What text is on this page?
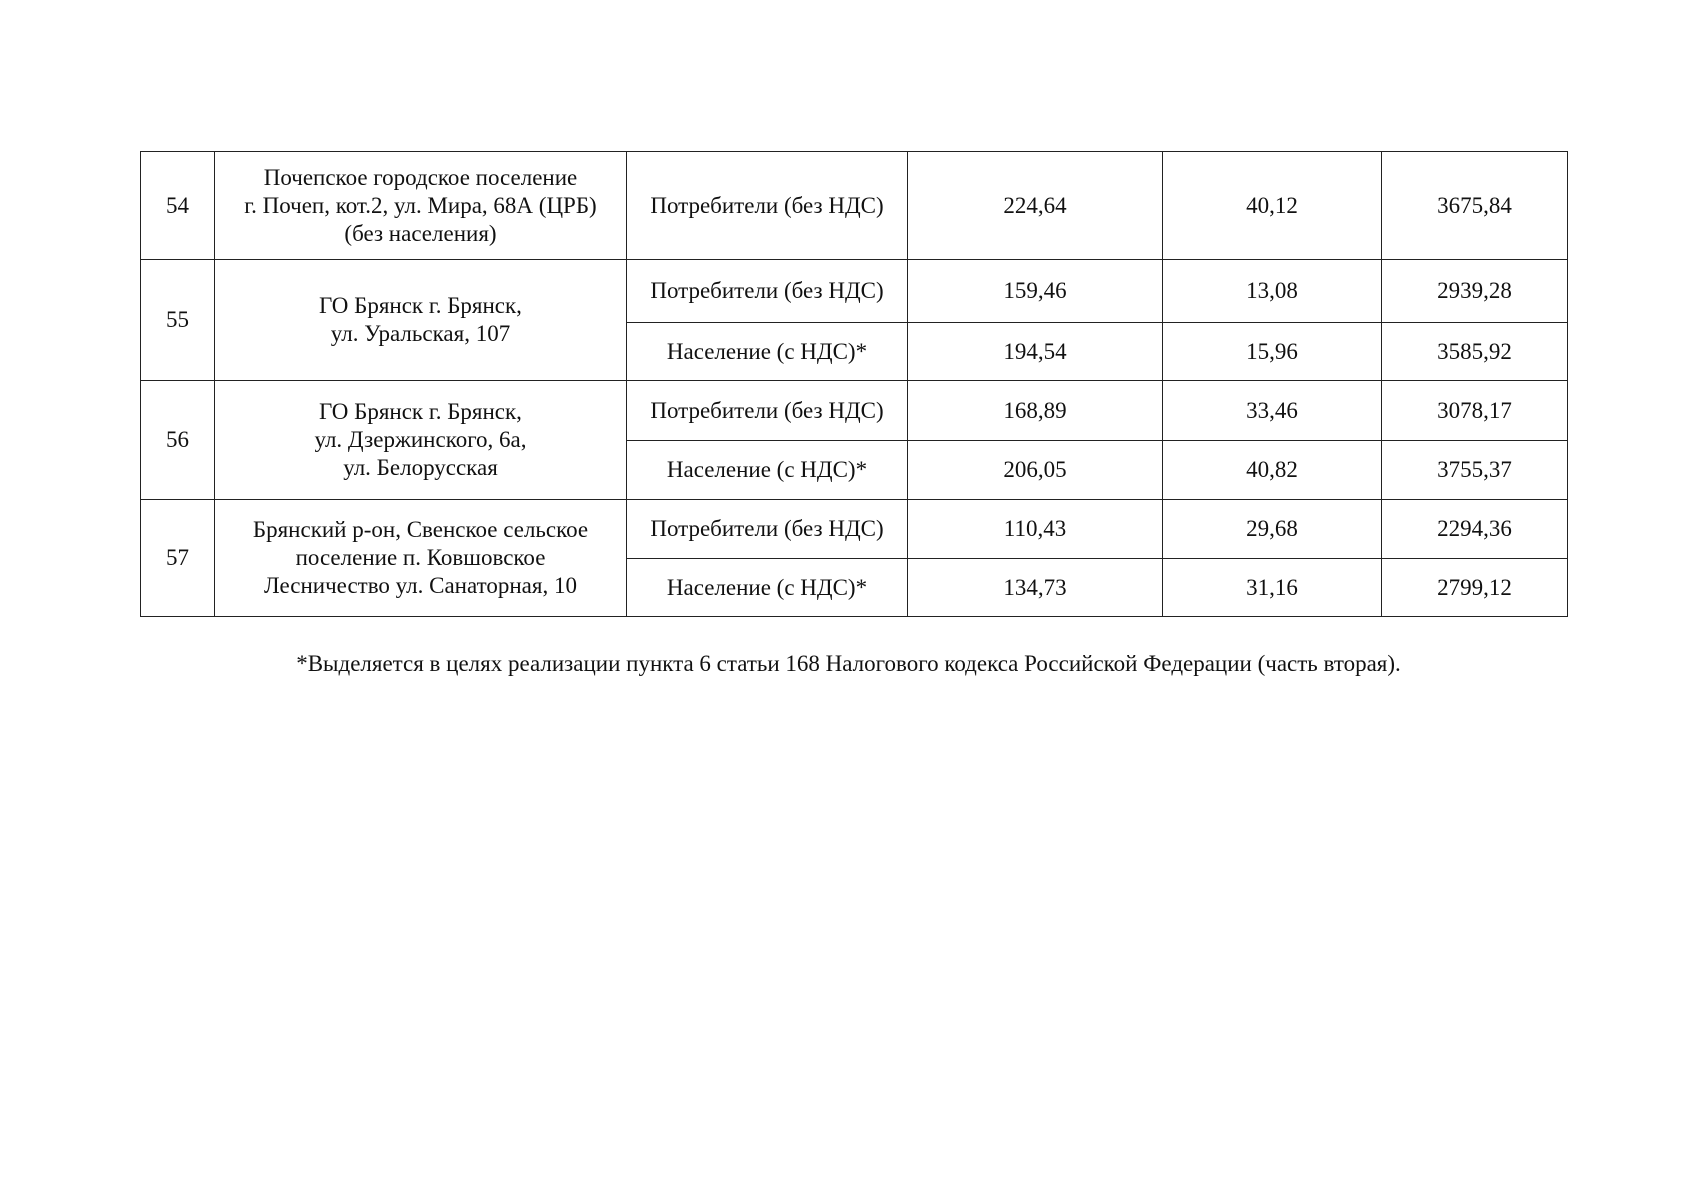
54	Почепское городское поселение
г. Почеп, кот.2, ул. Мира, 68А (ЦРБ)
(без населения)	Потребители (без НДС)	224,64	40,12	3675,84
55	ГО Брянск г. Брянск,
ул. Уральская, 107	Потребители (без НДС)	159,46	13,08	2939,28
		Население (с НДС)*	194,54	15,96	3585,92
56	ГО Брянск г. Брянск,
ул. Дзержинского, 6а,
ул. Белорусская	Потребители (без НДС)	168,89	33,46	3078,17
		Население (с НДС)*	206,05	40,82	3755,37
57	Брянский р-он, Свенское сельское
поселение п. Ковшовское
Лесничество ул. Санаторная, 10	Потребители (без НДС)	110,43	29,68	2294,36
		Население (с НДС)*	134,73	31,16	2799,12
*Выделяется в целях реализации пункта 6 статьи 168 Налогового кодекса Российской Федерации (часть вторая).
